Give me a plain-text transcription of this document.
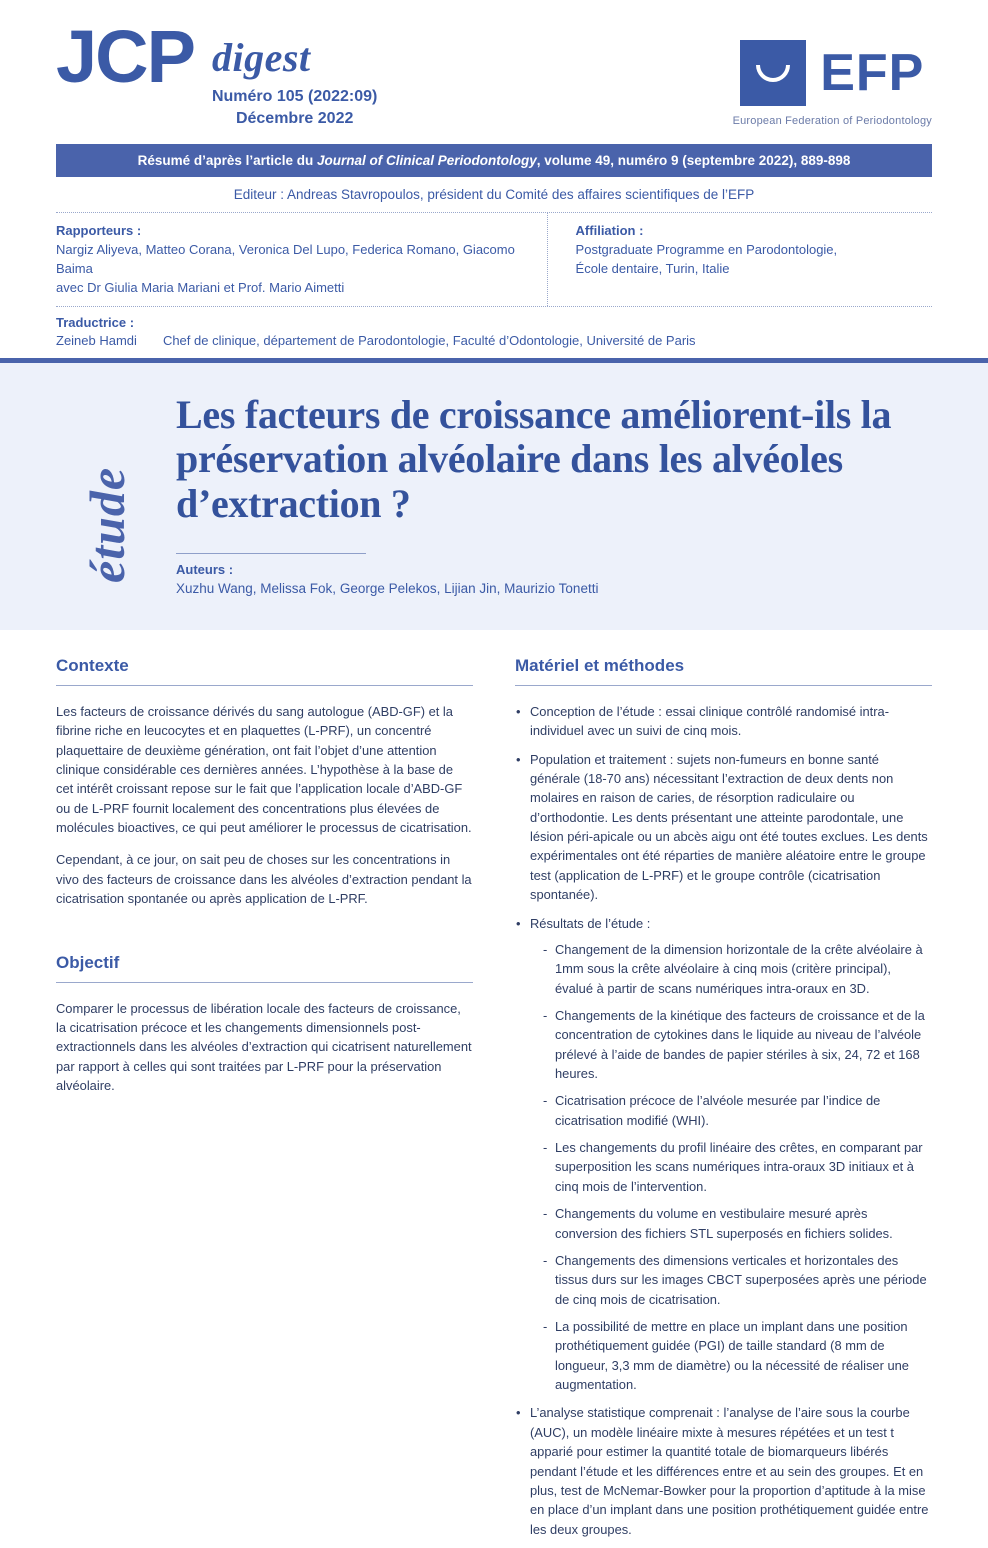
JCP digest
Numéro 105 (2022:09)
Décembre 2022
EFP
European Federation of Periodontology
Résumé d’après l’article du Journal of Clinical Periodontology, volume 49, numéro 9 (septembre 2022), 889-898
Editeur : Andreas Stavropoulos, président du Comité des affaires scientifiques de l’EFP
Rapporteurs :
Nargiz Aliyeva, Matteo Corana, Veronica Del Lupo, Federica Romano, Giacomo Baima
avec Dr Giulia Maria Mariani et Prof. Mario Aimetti
Affiliation :
Postgraduate Programme en Parodontologie,
École dentaire, Turin, Italie
Traductrice :
Zeineb Hamdi Chef de clinique, département de Parodontologie, Faculté d’Odontologie, Université de Paris
étude
Les facteurs de croissance améliorent-ils la préservation alvéolaire dans les alvéoles d’extraction ?
Auteurs :
Xuzhu Wang, Melissa Fok, George Pelekos, Lijian Jin, Maurizio Tonetti
Contexte

Les facteurs de croissance dérivés du sang autologue (ABD-GF) et la fibrine riche en leucocytes et en plaquettes (L-PRF), un concentré plaquettaire de deuxième génération, ont fait l’objet d’une attention clinique considérable ces dernières années. L’hypothèse à la base de cet intérêt croissant repose sur le fait que l’application locale d’ABD-GF ou de L-PRF fournit localement des concentrations plus élevées de molécules bioactives, ce qui peut améliorer le processus de cicatrisation.

Cependant, à ce jour, on sait peu de choses sur les concentrations in vivo des facteurs de croissance dans les alvéoles d’extraction pendant la cicatrisation spontanée ou après application de L-PRF.

Objectif

Comparer le processus de libération locale des facteurs de croissance, la cicatrisation précoce et les changements dimensionnels post-extractionnels dans les alvéoles d’extraction qui cicatrisent naturellement par rapport à celles qui sont traitées par L-PRF pour la préservation alvéolaire.

Matériel et méthodes
• Conception de l’étude : essai clinique contrôlé randomisé intra-individuel avec un suivi de cinq mois.
• Population et traitement : sujets non-fumeurs en bonne santé générale (18-70 ans) nécessitant l’extraction de deux dents non molaires en raison de caries, de résorption radiculaire ou d’orthodontie. Les dents présentant une atteinte parodontale, une lésion péri-apicale ou un abcès aigu ont été toutes exclues. Les dents expérimentales ont été réparties de manière aléatoire entre le groupe test (application de L-PRF) et le groupe contrôle (cicatrisation spontanée).
• Résultats de l’étude :
- Changement de la dimension horizontale de la crête alvéolaire à 1mm sous la crête alvéolaire à cinq mois (critère principal), évalué à partir de scans numériques intra-oraux en 3D.
- Changements de la kinétique des facteurs de croissance et de la concentration de cytokines dans le liquide au niveau de l’alvéole prélevé à l’aide de bandes de papier stériles à six, 24, 72 et 168 heures.
- Cicatrisation précoce de l’alvéole mesurée par l’indice de cicatrisation modifié (WHI).
- Les changements du profil linéaire des crêtes, en comparant par superposition les scans numériques intra-oraux 3D initiaux et à cinq mois de l’intervention.
- Changements du volume en vestibulaire mesuré après conversion des fichiers STL superposés en fichiers solides.
- Changements des dimensions verticales et horizontales des tissus durs sur les images CBCT superposées après une période de cinq mois de cicatrisation.
- La possibilité de mettre en place un implant dans une position prothétiquement guidée (PGI) de taille standard (8 mm de longueur, 3,3 mm de diamètre) ou la nécessité de réaliser une augmentation.
• L’analyse statistique comprenait : l’analyse de l’aire sous la courbe (AUC), un modèle linéaire mixte à mesures répétées et un test t apparié pour estimer la quantité totale de biomarqueurs libérés pendant l’étude et les différences entre et au sein des groupes. Et en plus, test de McNemar-Bowker pour la proportion d’aptitude à la mise en place d’un implant dans une position prothétiquement guidée entre les deux groupes.
